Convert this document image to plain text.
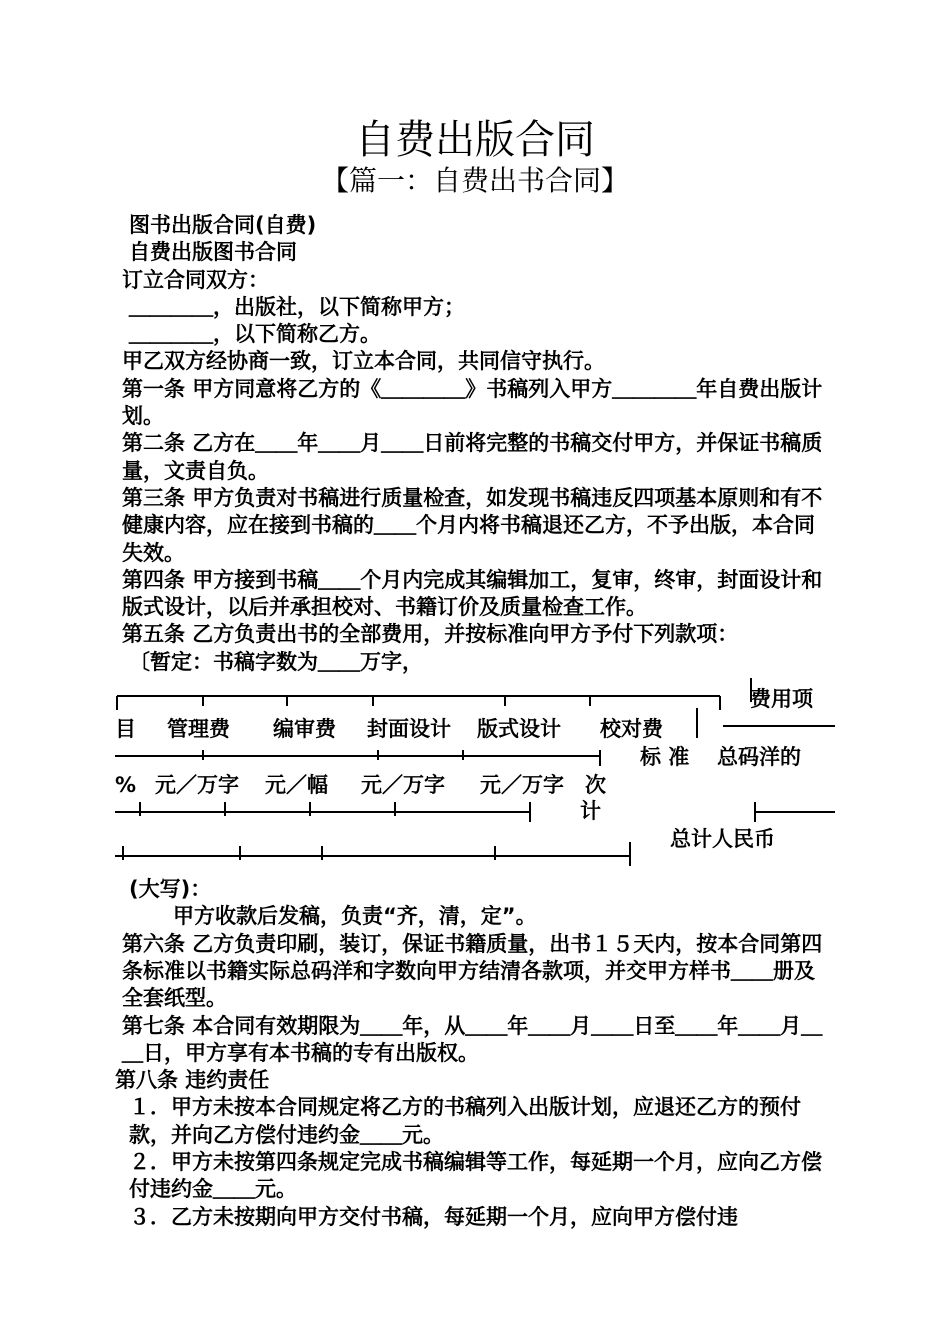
自费出版合同
【篇一：自费出书合同】

图书出版合同(自费)

自费出版图书合同

订立合同双方：

＿＿＿＿，出版社，以下简称甲方；

＿＿＿＿，以下简称乙方。

甲乙双方经协商一致，订立本合同，共同信守执行。

第一条 甲方同意将乙方的《＿＿＿＿》书稿列入甲方＿＿＿＿年自费出版计划。

第二条 乙方在＿＿年＿＿月＿＿日前将完整的书稿交付甲方，并保证书稿质量，文责自负。

第三条 甲方负责对书稿进行质量检查，如发现书稿违反四项基本原则和有不健康内容，应在接到书稿的＿＿个月内将书稿退还乙方，不予出版，本合同失效。

第四条 甲方接到书稿＿＿个月内完成其编辑加工，复审，终审，封面设计和版式设计，以后并承担校对、书籍订价及质量检查工作。

第五条 乙方负责出书的全部费用，并按标准向甲方予付下列款项：

〔暂定：书稿字数为＿＿万字，

费用项
目 管理费 编审费 封面设计 版式设计 校对费
标 准 总码洋的
% 元／万字 元／幅 元／万字 元／万字 次
计
总计人民币

(大写)：

甲方收款后发稿，负责“齐，清，定”。

第六条 乙方负责印刷，装订，保证书籍质量，出书１５天内，按本合同第四条标准以书籍实际总码洋和字数向甲方结清各款项，并交甲方样书＿＿册及全套纸型。

第七条 本合同有效期限为＿＿年，从＿＿年＿＿月＿＿日至＿＿年＿＿月＿＿日，甲方享有本书稿的专有出版权。

第八条 违约责任

１．甲方未按本合同规定将乙方的书稿列入出版计划，应退还乙方的预付款，并向乙方偿付违约金＿＿元。

２．甲方未按第四条规定完成书稿编辑等工作，每延期一个月，应向乙方偿付违约金＿＿元。

３．乙方未按期向甲方交付书稿，每延期一个月，应向甲方偿付违
